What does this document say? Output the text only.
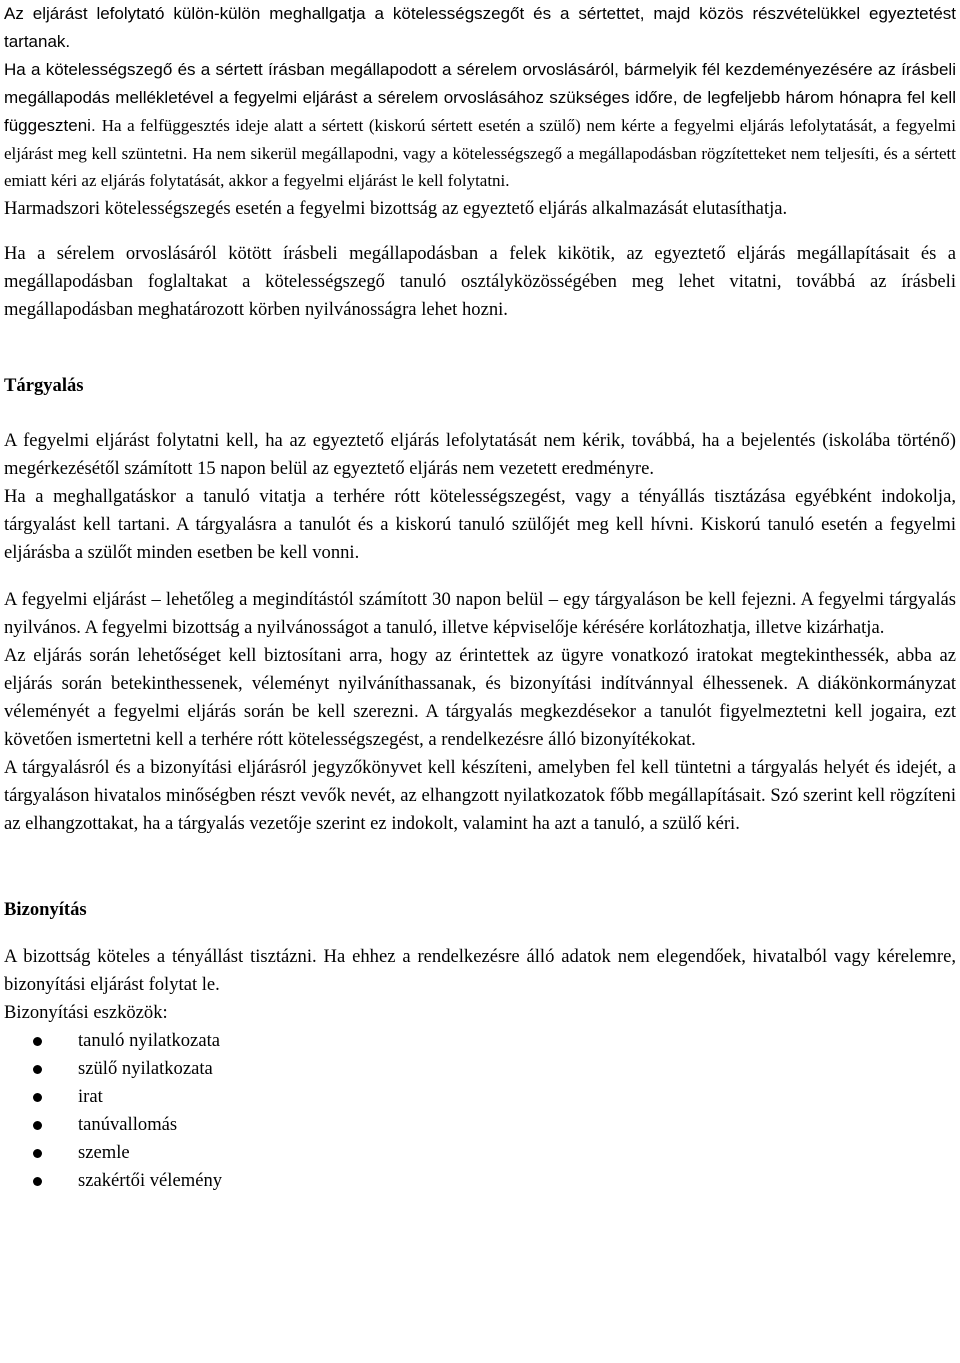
Az eljárást lefolytató külön-külön meghallgatja a kötelességszegőt és a sértettet, majd közös részvételükkel egyeztetést tartanak.

Ha a kötelességszegő és a sértett írásban megállapodott a sérelem orvoslásáról, bármelyik fél kezdeményezésére az írásbeli megállapodás mellékletével a fegyelmi eljárást a sérelem orvoslásához szükséges időre, de legfeljebb három hónapra fel kell függeszteni. Ha a felfüggesztés ideje alatt a sértett (kiskorú sértett esetén a szülő) nem kérte a fegyelmi eljárás lefolytatását, a fegyelmi eljárást meg kell szüntetni. Ha nem sikerül megállapodni, vagy a kötelességszegő a megállapodásban rögzítetteket nem teljesíti, és a sértett emiatt kéri az eljárás folytatását, akkor a fegyelmi eljárást le kell folytatni.

Harmadszori kötelességszegés esetén a fegyelmi bizottság az egyeztető eljárás alkalmazását elutasíthatja.

Ha a sérelem orvoslásáról kötött írásbeli megállapodásban a felek kikötik, az egyeztető eljárás megállapításait és a megállapodásban foglaltakat a kötelességszegő tanuló osztályközösségében meg lehet vitatni, továbbá az írásbeli megállapodásban meghatározott körben nyilvánosságra lehet hozni.

Tárgyalás

A fegyelmi eljárást folytatni kell, ha az egyeztető eljárás lefolytatását nem kérik, továbbá, ha a bejelentés (iskolába történő) megérkezésétől számított 15 napon belül az egyeztető eljárás nem vezetett eredményre.

Ha a meghallgatáskor a tanuló vitatja a terhére rótt kötelességszegést, vagy a tényállás tisztázása egyébként indokolja, tárgyalást kell tartani. A tárgyalásra a tanulót és a kiskorú tanuló szülőjét meg kell hívni. Kiskorú tanuló esetén a fegyelmi eljárásba a szülőt minden esetben be kell vonni.

A fegyelmi eljárást – lehetőleg a megindítástól számított 30 napon belül – egy tárgyaláson be kell fejezni. A fegyelmi tárgyalás nyilvános. A fegyelmi bizottság a nyilvánosságot a tanuló, illetve képviselője kérésére korlátozhatja, illetve kizárhatja.

Az eljárás során lehetőséget kell biztosítani arra, hogy az érintettek az ügyre vonatkozó iratokat megtekinthessék, abba az eljárás során betekinthessenek, véleményt nyilváníthassanak, és bizonyítási indítvánnyal élhessenek. A diákönkormányzat véleményét a fegyelmi eljárás során be kell szerezni. A tárgyalás megkezdésekor a tanulót figyelmeztetni kell jogaira, ezt követően ismertetni kell a terhére rótt kötelességszegést, a rendelkezésre álló bizonyítékokat.

A tárgyalásról és a bizonyítási eljárásról jegyzőkönyvet kell készíteni, amelyben fel kell tüntetni a tárgyalás helyét és idejét, a tárgyaláson hivatalos minőségben részt vevők nevét, az elhangzott nyilatkozatok főbb megállapításait. Szó szerint kell rögzíteni az elhangzottakat, ha a tárgyalás vezetője szerint ez indokolt, valamint ha azt a tanuló, a szülő kéri.

Bizonyítás

A bizottság köteles a tényállást tisztázni. Ha ehhez a rendelkezésre álló adatok nem elegendőek, hivatalból vagy kérelemre, bizonyítási eljárást folytat le.

Bizonyítási eszközök:

tanuló nyilatkozata
szülő nyilatkozata
irat
tanúvallomás
szemle
szakértői vélemény
